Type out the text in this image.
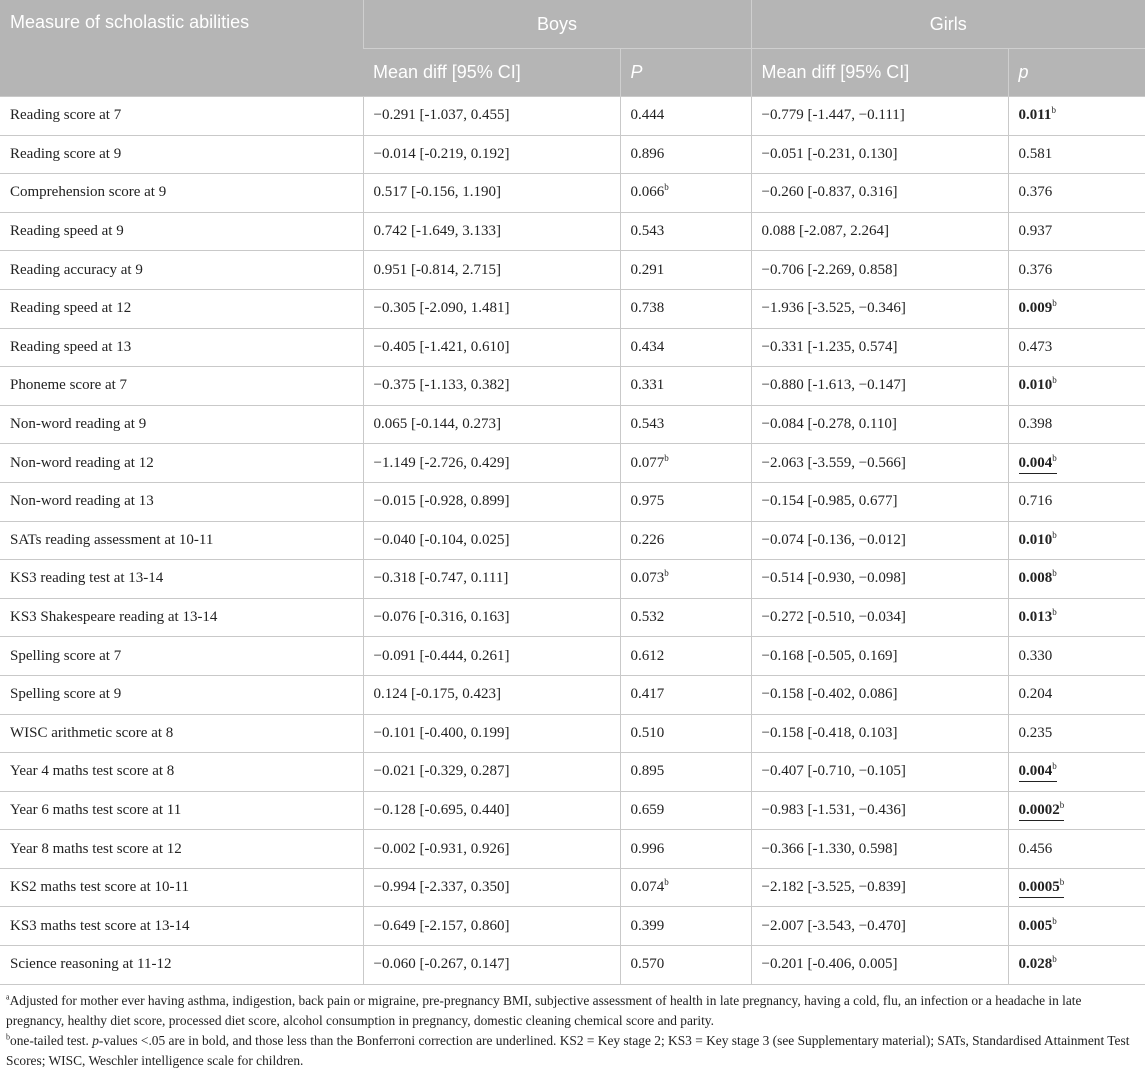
Measure of scholastic abilities	Boys		Girls	
	Mean diff [95% CI]	P	Mean diff [95% CI]	p
Reading score at 7	−0.291 [-1.037, 0.455]	0.444	−0.779 [-1.447, −0.111]	0.011$^b$
Reading score at 9	−0.014 [-0.219, 0.192]	0.896	−0.051 [-0.231, 0.130]	0.581
Comprehension score at 9	0.517 [-0.156, 1.190]	0.066$^b$	−0.260 [-0.837, 0.316]	0.376
Reading speed at 9	0.742 [-1.649, 3.133]	0.543	0.088 [-2.087, 2.264]	0.937
Reading accuracy at 9	0.951 [-0.814, 2.715]	0.291	−0.706 [-2.269, 0.858]	0.376
Reading speed at 12	−0.305 [-2.090, 1.481]	0.738	−1.936 [-3.525, −0.346]	0.009$^b$
Reading speed at 13	−0.405 [-1.421, 0.610]	0.434	−0.331 [-1.235, 0.574]	0.473
Phoneme score at 7	−0.375 [-1.133, 0.382]	0.331	−0.880 [-1.613, −0.147]	0.010$^b$
Non-word reading at 9	0.065 [-0.144, 0.273]	0.543	−0.084 [-0.278, 0.110]	0.398
Non-word reading at 12	−1.149 [-2.726, 0.429]	0.077$^b$	−2.063 [-3.559, −0.566]	0.004$^b$
Non-word reading at 13	−0.015 [-0.928, 0.899]	0.975	−0.154 [-0.985, 0.677]	0.716
SATs reading assessment at 10-11	−0.040 [-0.104, 0.025]	0.226	−0.074 [-0.136, −0.012]	0.010$^b$
KS3 reading test at 13-14	−0.318 [-0.747, 0.111]	0.073$^b$	−0.514 [-0.930, −0.098]	0.008$^b$
KS3 Shakespeare reading at 13-14	−0.076 [-0.316, 0.163]	0.532	−0.272 [-0.510, −0.034]	0.013$^b$
Spelling score at 7	−0.091 [-0.444, 0.261]	0.612	−0.168 [-0.505, 0.169]	0.330
Spelling score at 9	0.124 [-0.175, 0.423]	0.417	−0.158 [-0.402, 0.086]	0.204
WISC arithmetic score at 8	−0.101 [-0.400, 0.199]	0.510	−0.158 [-0.418, 0.103]	0.235
Year 4 maths test score at 8	−0.021 [-0.329, 0.287]	0.895	−0.407 [-0.710, −0.105]	0.004$^b$
Year 6 maths test score at 11	−0.128 [-0.695, 0.440]	0.659	−0.983 [-1.531, −0.436]	0.0002$^b$
Year 8 maths test score at 12	−0.002 [-0.931, 0.926]	0.996	−0.366 [-1.330, 0.598]	0.456
KS2 maths test score at 10-11	−0.994 [-2.337, 0.350]	0.074$^b$	−2.182 [-3.525, −0.839]	0.0005$^b$
KS3 maths test score at 13-14	−0.649 [-2.157, 0.860]	0.399	−2.007 [-3.543, −0.470]	0.005$^b$
Science reasoning at 11-12	−0.060 [-0.267, 0.147]	0.570	−0.201 [-0.406, 0.005]	0.028$^b$

$^a$Adjusted for mother ever having asthma, indigestion, back pain or migraine, pre-pregnancy BMI, subjective assessment of health in late pregnancy, having a cold, flu, an infection or a headache in late pregnancy, healthy diet score, processed diet score, alcohol consumption in pregnancy, domestic cleaning chemical score and parity.

$^b$one-tailed test. p-values <.05 are in bold, and those less than the Bonferroni correction are underlined. KS2 = Key stage 2; KS3 = Key stage 3 (see Supplementary material); SATs, Standardised Attainment Test Scores; WISC, Weschler intelligence scale for children.
